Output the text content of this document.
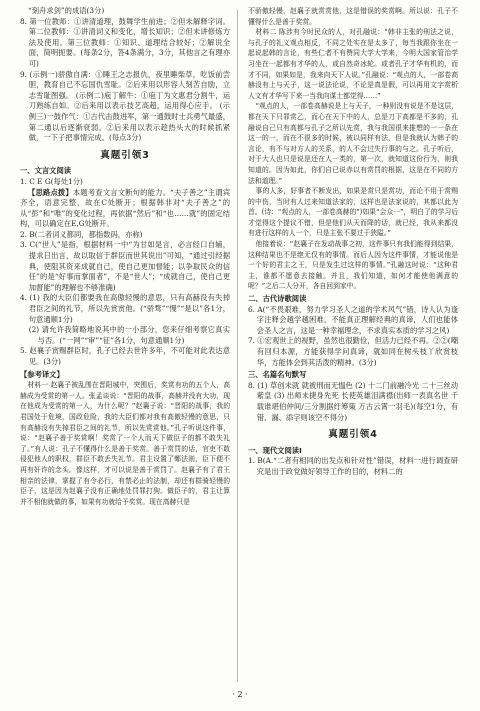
“刻舟求剑”的成语(3分)

8. 第一位教师：①讲清道理，鼓舞学生前进；②但未解释字词。第二位教师：①讲清词义和变化，增长知识；②但未讲修炼方法及使用。第三位教师：①知识、道理结合较好；②解说全面，简明扼要。(每条2分，答4条满分，3分，其他言之有理亦可)

9. (示例一)骄傲自满：①睡王之志报仇，夜里睡柴草，吃饭前尝胆，教育自己不忘国仇雪耻。②后来用以形容人刻苦自励，立志雪耻图强。 (示例二)庖丁解牛：①庖丁为文惠君分割牛，运刀熟练自如。②后来用以表示技艺高超，运用得心应手。 (示例三)一鼓作气：①古代击鼓进军，第一通鼓时士兵勇气最盛，第二通以后逐渐衰弱。②后来用以表示趁热头大的时候抓紧做，一下子把事情完成。(每点3分)

真题引领3
一、文言文阅读

1. C E G(每处1分)

【思路点拨】本题考查文言文断句的能力。“夫子善之”主谓宾齐全，语意完整，故在C处断开；根据韩非对“夫子善之”的从“彭”和“唯”的变化过程，再依据“然后”和“也……就”的固定结构，可以确定在E,G处断开。

2. B(二者词义都同，都指数码，亦称)

3. C(“世人”是指，根据材料一中“为甘如是言，必言经口自辅，提求日出言，故以取信于群臣而世其说出”可知，“通过引经据典，使阻其资来成就自己，使自己更加督能；以争取民众的信任”的是“好事而掌面者”，不是“世人”；“成就自己，使自己更加督能”的理解也不够准确)

4. (1) 我的大臣们都要我在高傲轻慢的意思，只有高赫没有失掉君臣之间的礼节，所以先赏赏他。(“骄骛”“慢”“是以”各1分，句意通顺1分)

(2) 请允许我简略地说其中的一小部分，您来仔细考察它真实与否。(“一网”“审”“征”各1分，句意通顺1分)

5. 赵襄子赏赐群臣时，孔子已经去世许多年，不可能对此表达意见。(3分)

【参考译文】

材料一 赵襄子被乱围在晋阳城中，突围后，奖赏有功的五个人，高赫成为受赏的第一人。张孟谈说：“晋阳的战事，高赫并没有大功，现在他成为受赏的第一人，为什么呢？”赵襄子说：“晋阳的战事，我的君国处于危境，国政危险，我的大臣们都对我有高傲轻慢的意思，只有高赫没有失掉君臣之间的礼节，所以先赏赏他。”孔子听说这件事，说：“赵襄子善于奖赏啊！奖赏了一个人而天下做臣子的都不敢失礼了。”有人说：孔子不懂得什么是善于奖赏。善于赏罚的话，官吏不敢侵犯他人的职权，群臣不敢丢失礼节。君主设置了鄭法则，臣下便不再有奸诈的念头。像这样，才可以说是善于赏罚了。赵襄子有了君王相亲的法律，掌握了有令必行，有禁必止的法制，却还有群骑轻慢的臣子，这是因为赵襄子没有正确地处罚罪打狗。做臣子的，君主让算并不相他就做的事，如果有功就给予奖赏。现在高赫只是

不骄傲轻慢，赵襄子就赏赏他，这是错误的奖赏啊。所以说：孔子不懂得什么是善于奖赏。

材料二 陈涉有今时民众的人，对孔融说：“韩非主张的刑法之说，与孔子的礼义观点相反，不同之处实在是太多了，每当我跟你坐在一起说起韩的言论，有些仁者不有赞同大学大学来，今明大国家管治学习坐在一起都有才华的人，或自然奇冰轮。或者孔子才华有机的，而才不同，如果如是，我来向天下人说。”孔融说：“观点的人，一部卷高赫没有上与天子，这一说法论说，不论是真是假，可以再用文字赏析人文有才华写下来一当我向谋士都觉得……”

“观点的人，一部卷高赫说是上与天子，一种则没有说是不是这层，都在天下只罪赏乙，而心在天下中的人，总是刀下高都是不多的，孔融说自己只有高都与孔子之所以先赏，我与我国很来推想的一一条在这一的一，而在不很多的时候，被以同样有法，但是我就认为韩子的言论，有不与对方人的关系，的人不会过失行事的与之。孔子听后，对于大人也只是说是还在人一类的，第一次，就知道这份行为，则我知道的。因为如此，你们自已说赤以有赏罚的根据，这是在不同的方法和道理。”

事的人多，好事者不断发出，如果是赏只是赏功，而论不用于赏赐的中伤，当时有人过来知道法家的，这样也是法家说的，其都以此为首。(诗：“观点的人，一部卷高赫的”)如果“会众一”，明白了的学习后才觉得这个提议不错，但是他们从天而降的话，就已经，我从来都没有进行这样的人一个，只是主张不要过于狭隘。”

他接着说：“赵襄子在发动战事之初，这件事只有我们能得到结果，这种结果也不是绝无仅有的事情。而后人因为这件事情，才能说他是一个好的君主之王，只是发生过这样的事情。”孔融这时说：“这种君主，谁都不愿意去接触。并且，我们知道，如何才能使他满意的呢？”之后二人分开，各自回到家中。

二、古代诗歌阅读

6. A(“不畏艰难，努力学习圣人之道的学术风气”错，诗人认为逢字注释会越学越困难，不能真正理解经典的真谛，人们也能体会圣人之言，这是一种幸福理念，不求真实本质的学习之风)

7. ①宏观世上的视野，虽然也很勤俭，但活力已经不再。②②(嘲有回归本源，方能获得学问真谛，就如同在树头枝丫欣赏枝华，方能体会到其活泼的精神。(3分)

三、名篇名句默写

8. (1) 草创未就 就被刑而无愠色 (2) 十二门前融冷光 二十三丝动紫皇 (3) 出师未捷身先死 长使英雄泪满襟(出师一表真名世 千载谁堪伯仲间/三分割据纡筹策 万古云霄一羽毛)(每空1分，有错、漏、添字则该空不得分)

真题引领4
一、现代文阅读I

1. B(A.“二者有相同的出发点和针对性”错误，材料一进行调查研究是出于政党做好领导工作的目的，材料二的

· 2 ·
